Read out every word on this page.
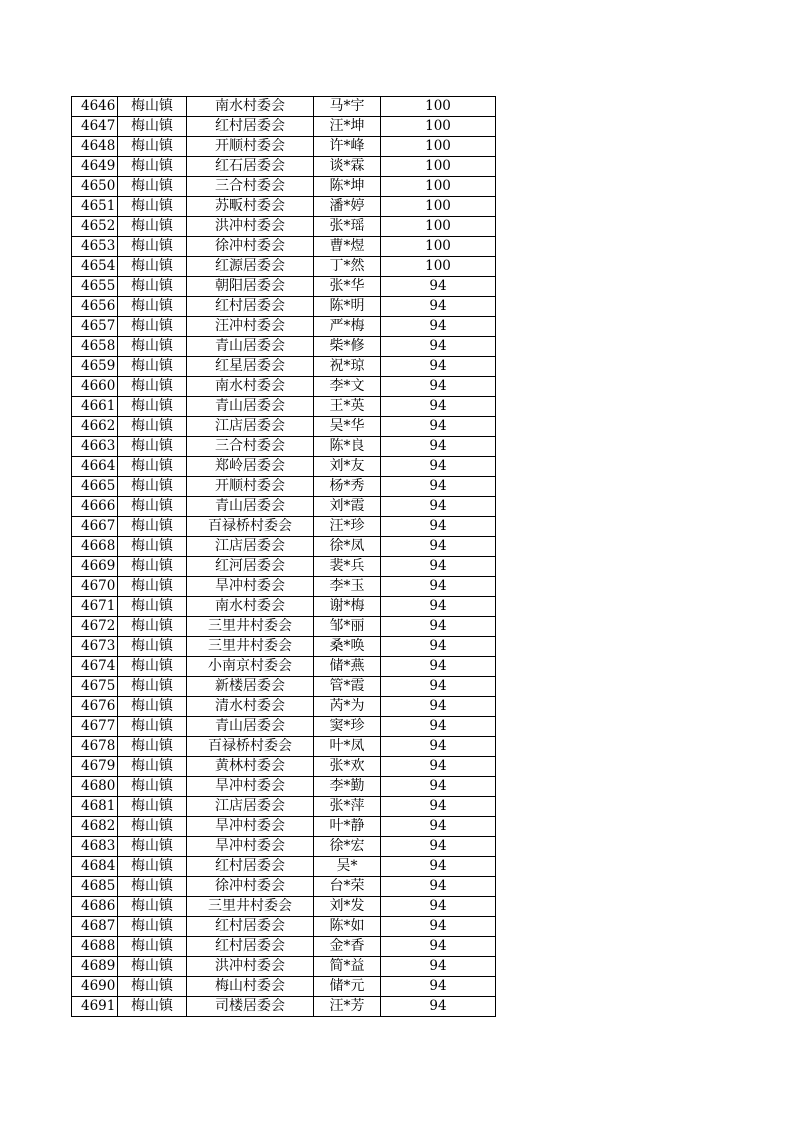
4646	梅山镇	南水村委会	马*宇	100
4647	梅山镇	红村居委会	汪*坤	100
4648	梅山镇	开顺村委会	许*峰	100
4649	梅山镇	红石居委会	谈*霖	100
4650	梅山镇	三合村委会	陈*坤	100
4651	梅山镇	苏畈村委会	潘*婷	100
4652	梅山镇	洪冲村委会	张*瑶	100
4653	梅山镇	徐冲村委会	曹*煜	100
4654	梅山镇	红源居委会	丁*然	100
4655	梅山镇	朝阳居委会	张*华	94
4656	梅山镇	红村居委会	陈*明	94
4657	梅山镇	汪冲村委会	严*梅	94
4658	梅山镇	青山居委会	柴*修	94
4659	梅山镇	红星居委会	祝*琼	94
4660	梅山镇	南水村委会	李*文	94
4661	梅山镇	青山居委会	王*英	94
4662	梅山镇	江店居委会	吴*华	94
4663	梅山镇	三合村委会	陈*良	94
4664	梅山镇	郑岭居委会	刘*友	94
4665	梅山镇	开顺村委会	杨*秀	94
4666	梅山镇	青山居委会	刘*霞	94
4667	梅山镇	百禄桥村委会	汪*珍	94
4668	梅山镇	江店居委会	徐*凤	94
4669	梅山镇	红河居委会	裴*兵	94
4670	梅山镇	旱冲村委会	李*玉	94
4671	梅山镇	南水村委会	谢*梅	94
4672	梅山镇	三里井村委会	邹*丽	94
4673	梅山镇	三里井村委会	桑*唤	94
4674	梅山镇	小南京村委会	储*燕	94
4675	梅山镇	新楼居委会	管*霞	94
4676	梅山镇	清水村委会	芮*为	94
4677	梅山镇	青山居委会	窦*珍	94
4678	梅山镇	百禄桥村委会	叶*凤	94
4679	梅山镇	黄林村委会	张*欢	94
4680	梅山镇	旱冲村委会	李*勤	94
4681	梅山镇	江店居委会	张*萍	94
4682	梅山镇	旱冲村委会	叶*静	94
4683	梅山镇	旱冲村委会	徐*宏	94
4684	梅山镇	红村居委会	吴*	94
4685	梅山镇	徐冲村委会	台*荣	94
4686	梅山镇	三里井村委会	刘*发	94
4687	梅山镇	红村居委会	陈*如	94
4688	梅山镇	红村居委会	金*香	94
4689	梅山镇	洪冲村委会	简*益	94
4690	梅山镇	梅山村委会	储*元	94
4691	梅山镇	司楼居委会	汪*芳	94
